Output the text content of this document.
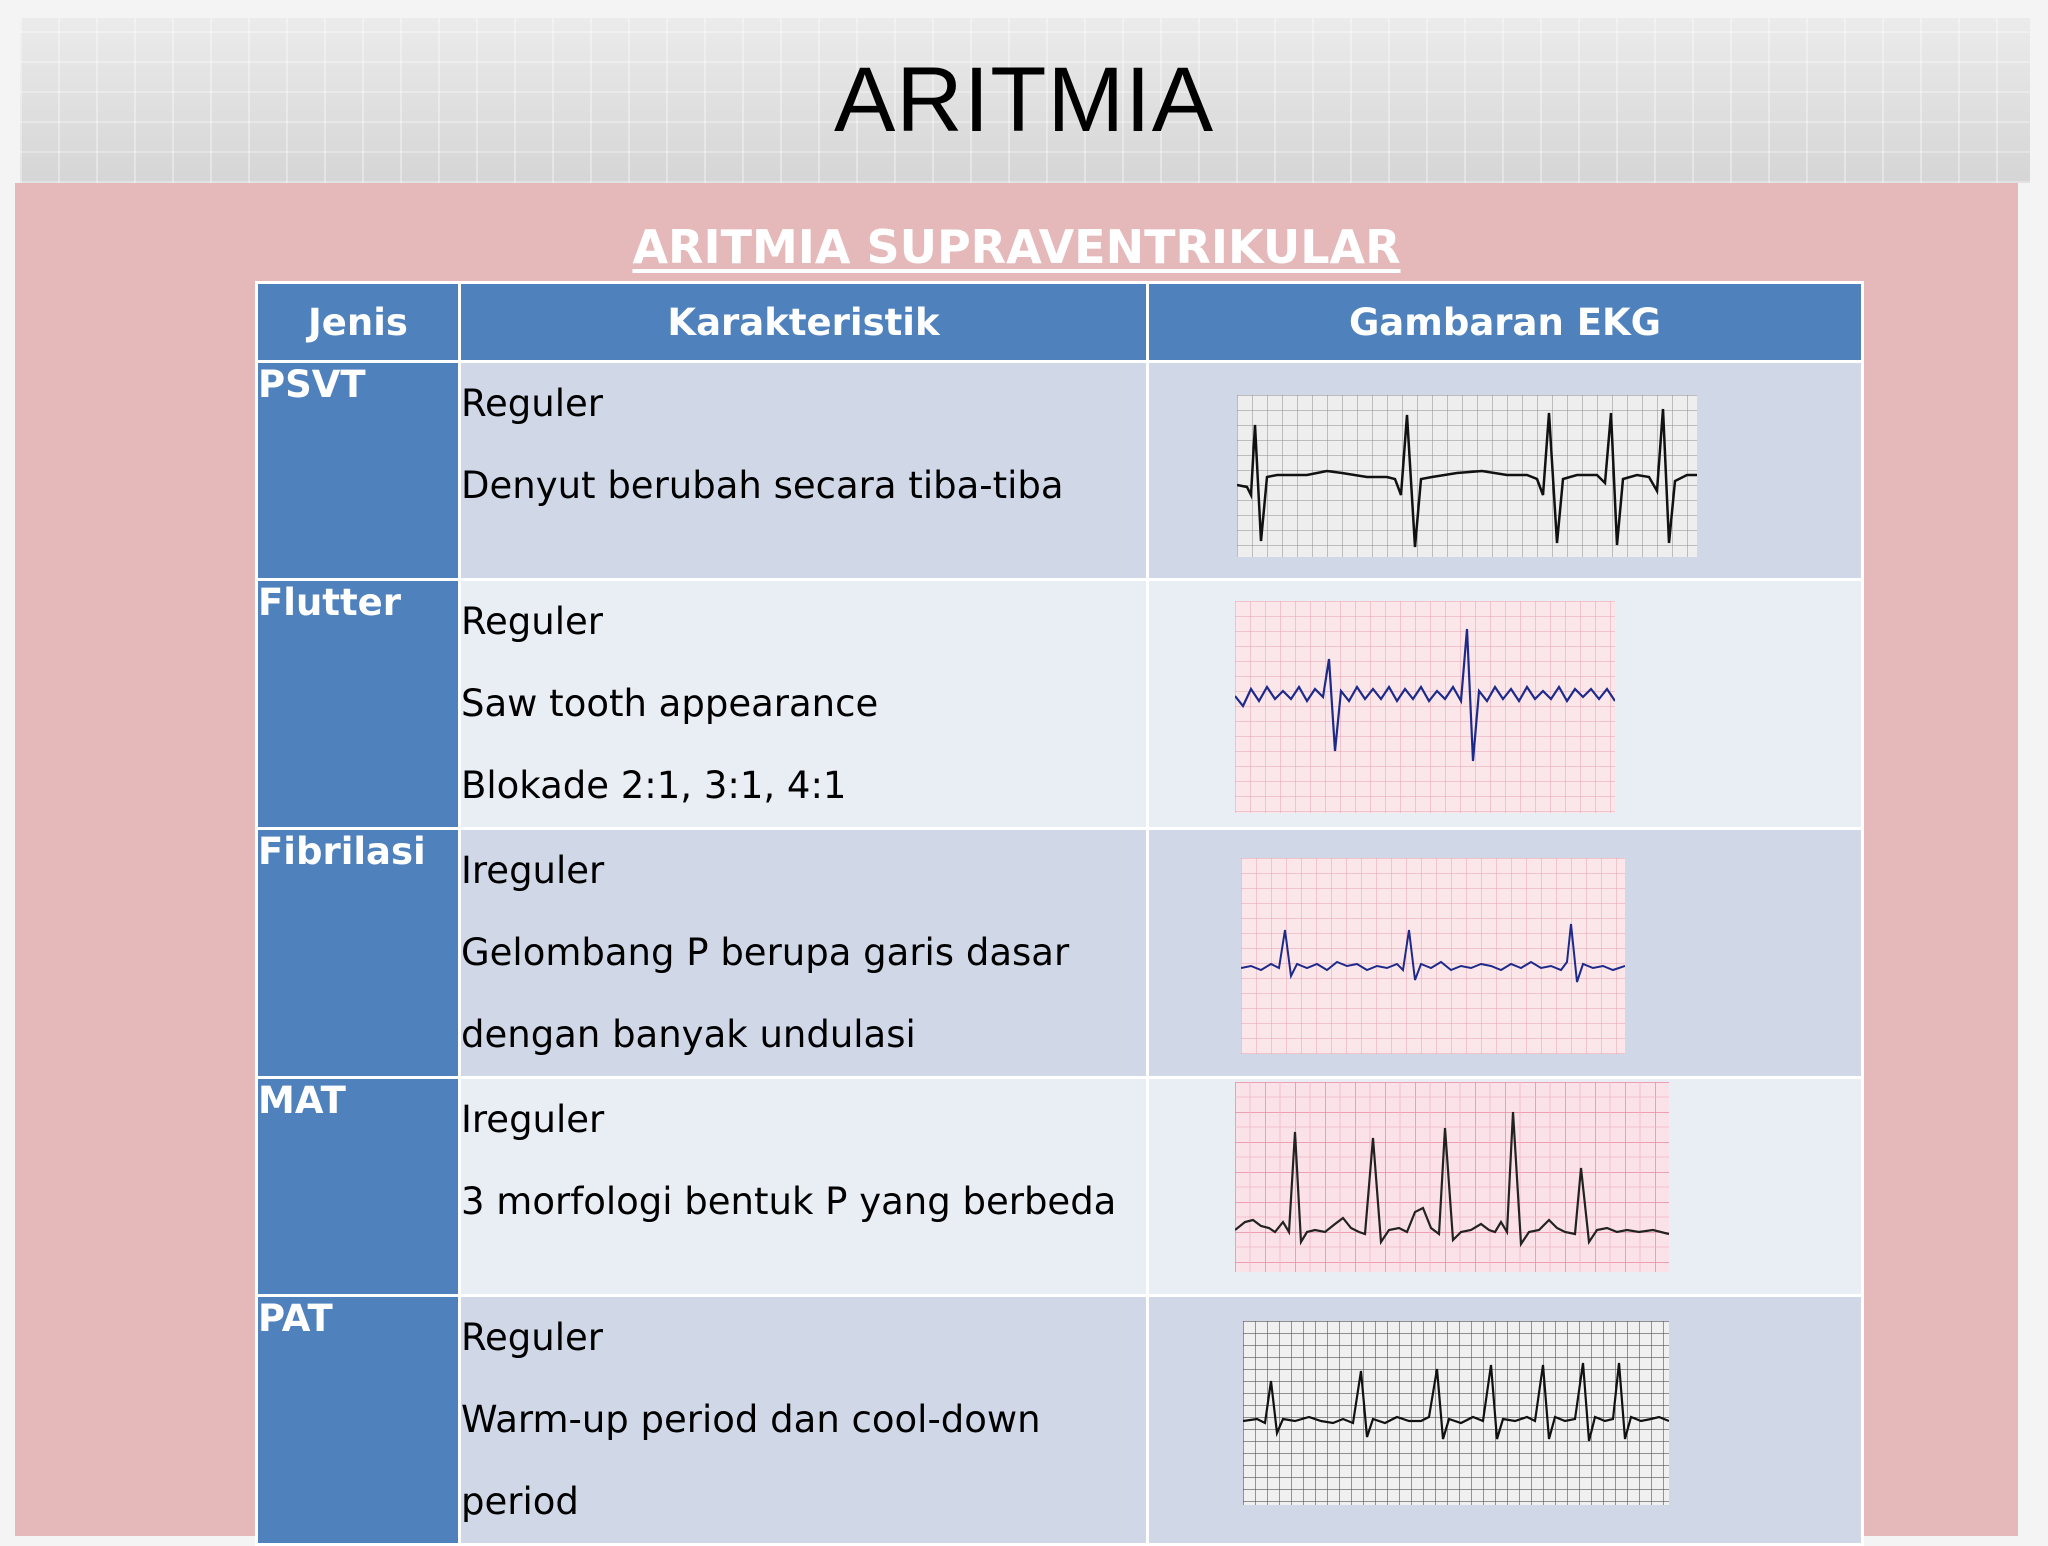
ARITMIA
ARITMIA SUPRAVENTRIKULAR
Jenis	Karakteristik	Gambaran EKG
PSVT	Reguler
Denyut berubah secara tiba-tiba

Flutter	Reguler
Saw tooth appearance
Blokade 2:1, 3:1, 4:1

Fibrilasi	Ireguler
Gelombang P berupa garis dasar
dengan banyak undulasi

MAT	Ireguler
3 morfologi bentuk P yang berbeda

PAT	Reguler
Warm-up period dan cool-down
period
